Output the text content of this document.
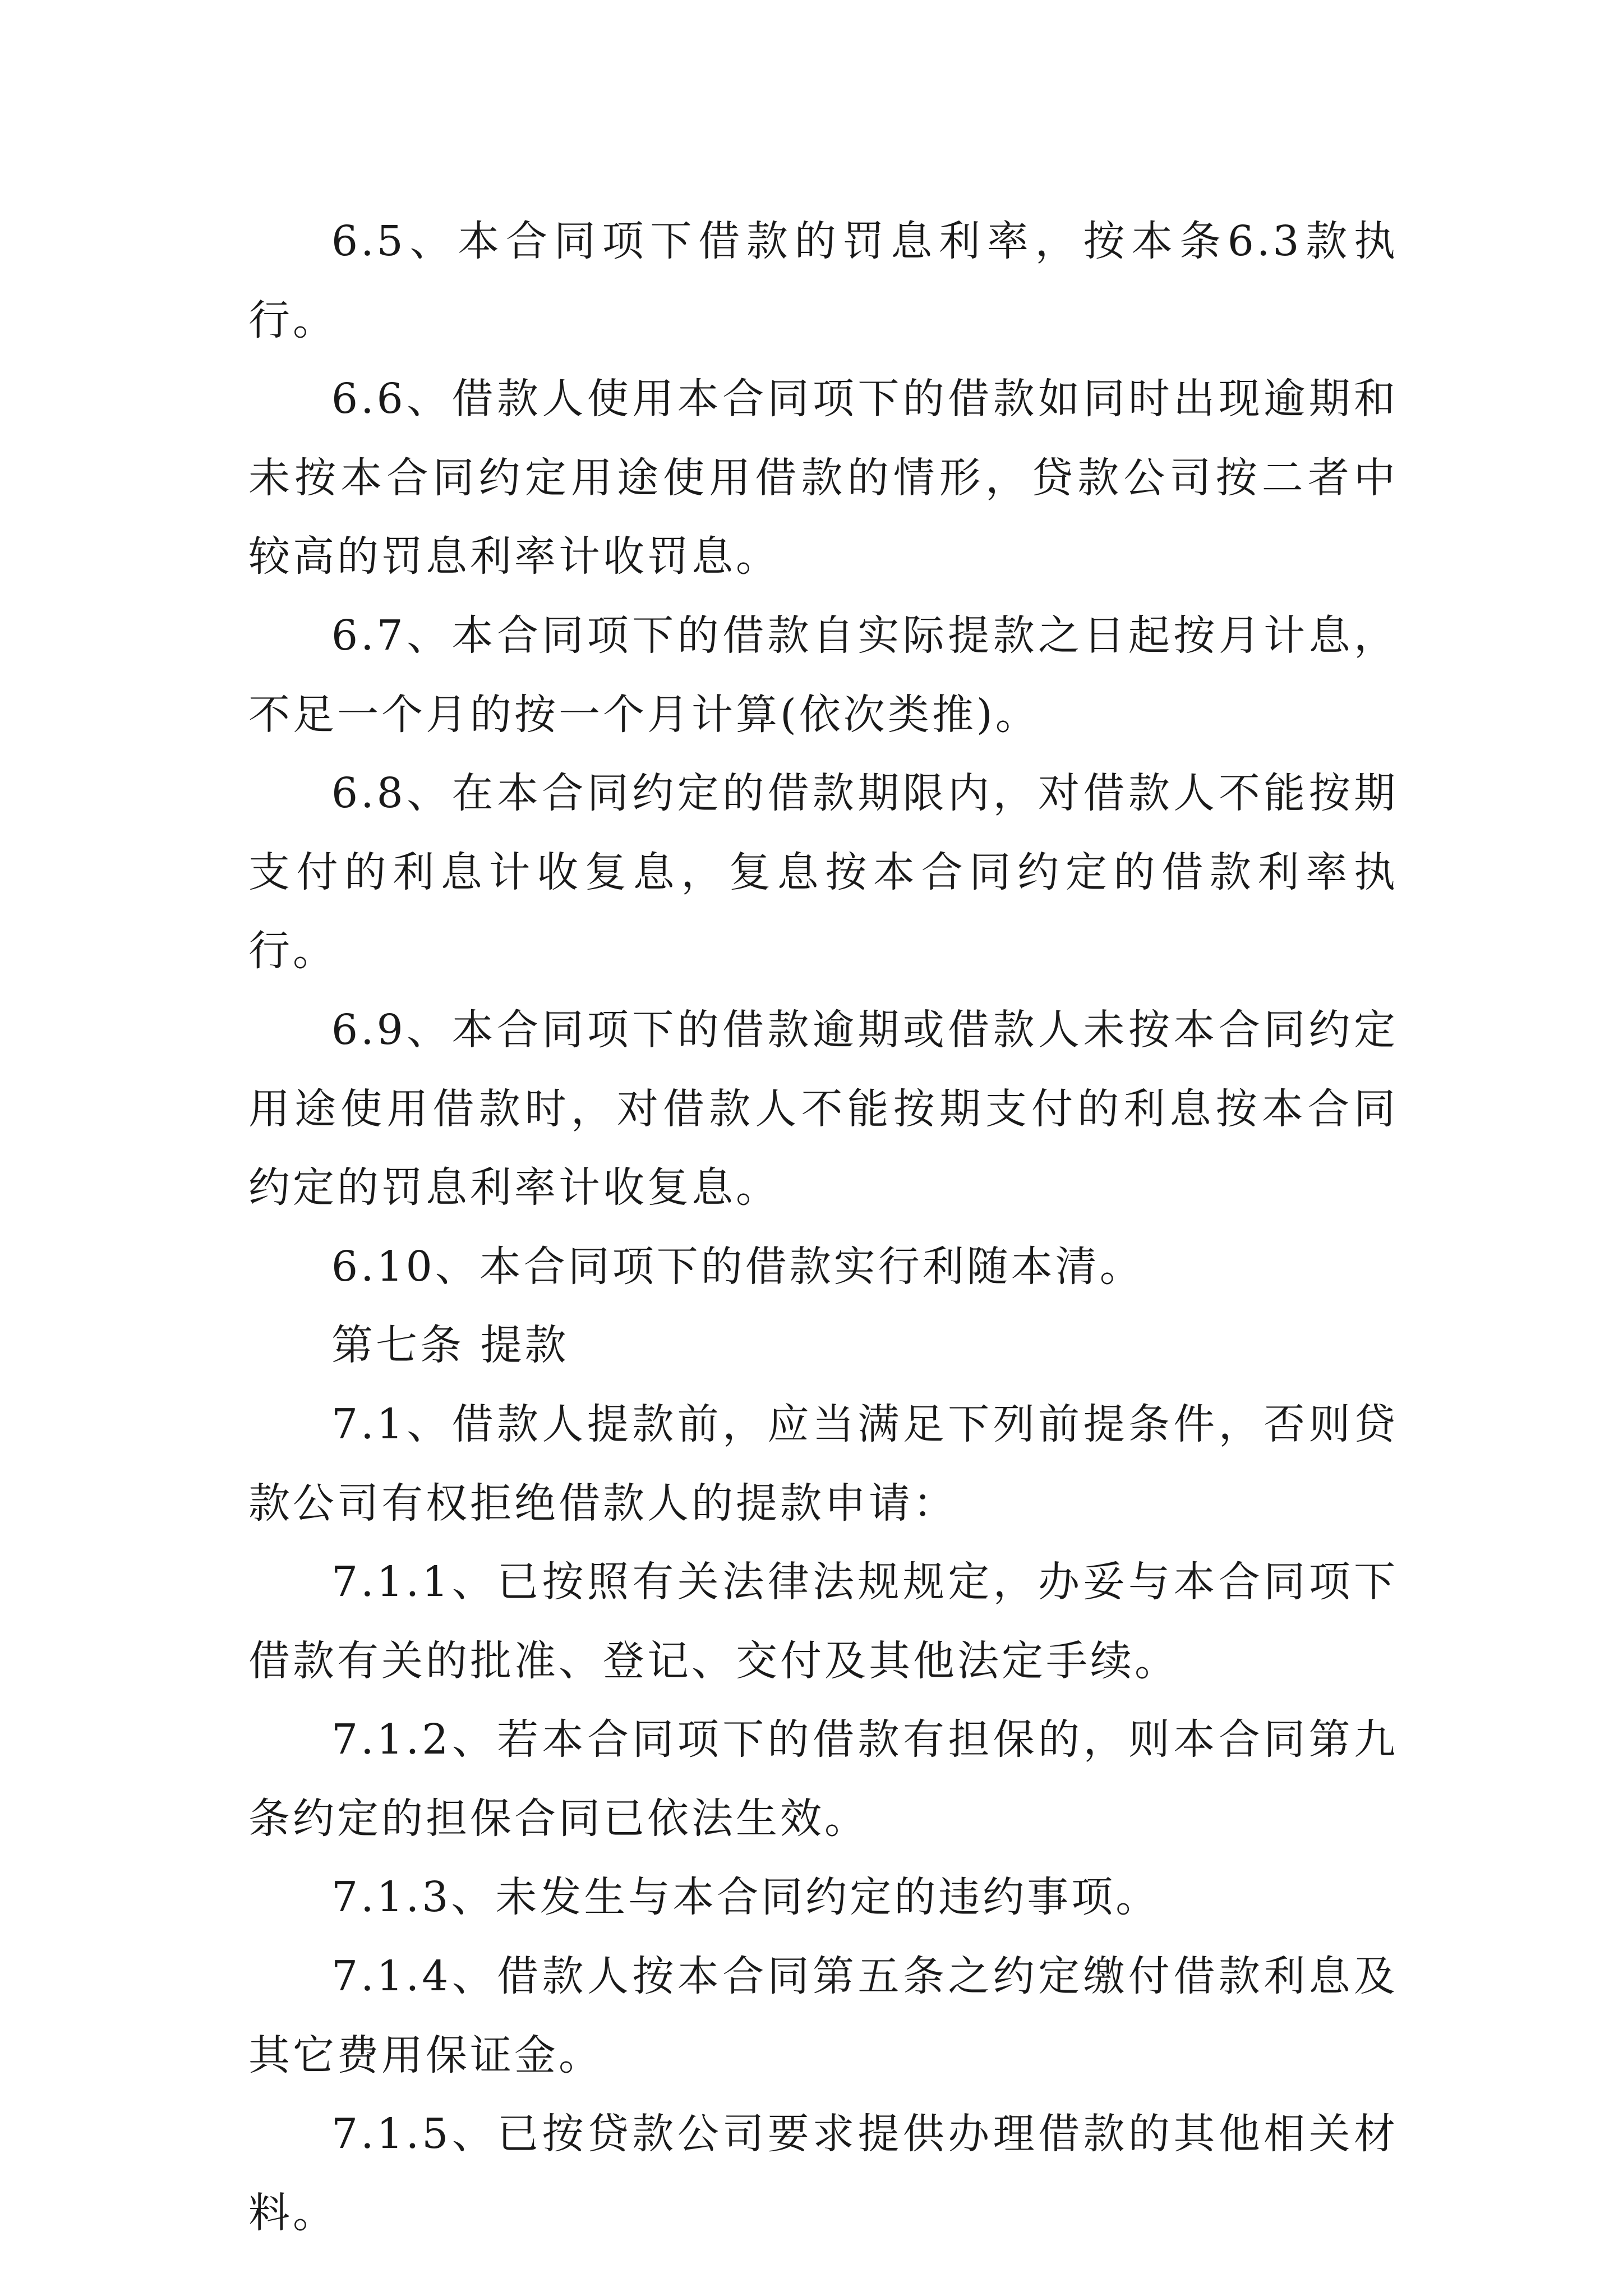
6.5、本合同项下借款的罚息利率，按本条6.3款执行。

6.6、借款人使用本合同项下的借款如同时出现逾期和未按本合同约定用途使用借款的情形，贷款公司按二者中较高的罚息利率计收罚息。

6.7、本合同项下的借款自实际提款之日起按月计息，不足一个月的按一个月计算(依次类推)。

6.8、在本合同约定的借款期限内，对借款人不能按期支付的利息计收复息，复息按本合同约定的借款利率执行。

6.9、本合同项下的借款逾期或借款人未按本合同约定用途使用借款时，对借款人不能按期支付的利息按本合同约定的罚息利率计收复息。

6.10、本合同项下的借款实行利随本清。

第七条 提款

7.1、借款人提款前，应当满足下列前提条件，否则贷款公司有权拒绝借款人的提款申请：

7.1.1、已按照有关法律法规规定，办妥与本合同项下借款有关的批准、登记、交付及其他法定手续。

7.1.2、若本合同项下的借款有担保的，则本合同第九条约定的担保合同已依法生效。

7.1.3、未发生与本合同约定的违约事项。

7.1.4、借款人按本合同第五条之约定缴付借款利息及其它费用保证金。

7.1.5、已按贷款公司要求提供办理借款的其他相关材料。
